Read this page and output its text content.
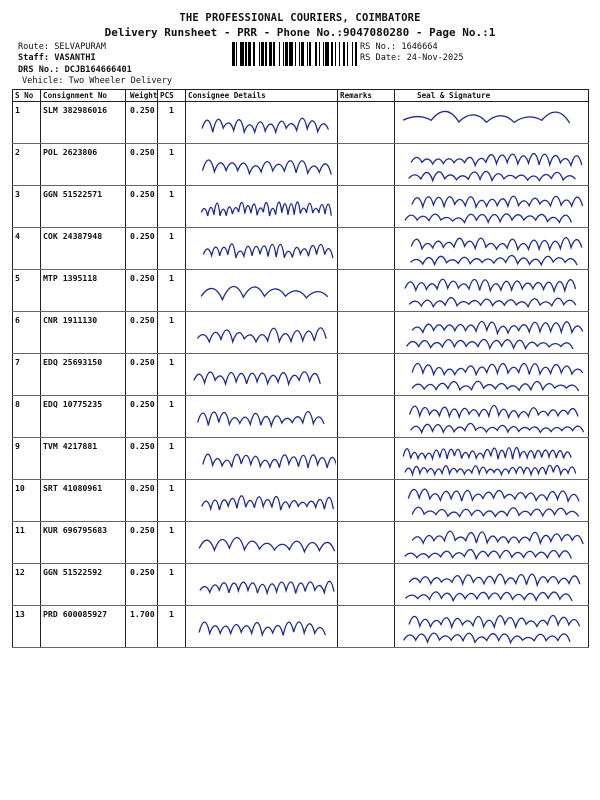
THE PROFESSIONAL COURIERS, COIMBATORE
Delivery Runsheet - PRR - Phone No.:9047080280 - Page No.:1
Route: SELVAPURAM
Staff: VASANTHI
DRS No.: DCJB164666401
Vehicle: Two Wheeler Delivery
RS No.: 1646664
RS Date: 24-Nov-2025
S No	Consignment No	Weight	PCS	Consignee Details	Remarks	Seal & Signature
1	SLM 382986016	0.250	1	

2	POL 2623806	0.250	1	

3	GGN 51522571	0.250	1	

4	COK 24387948	0.250	1	

5	MTP 1395118	0.250	1	

6	CNR 1911130	0.250	1	

7	EDQ 25693150	0.250	1	

8	EDQ 10775235	0.250	1	

9	TVM 4217881	0.250	1	

10	SRT 41080961	0.250	1	

11	KUR 696795683	0.250	1	

12	GGN 51522592	0.250	1	

13	PRD 600085927	1.700	1	
